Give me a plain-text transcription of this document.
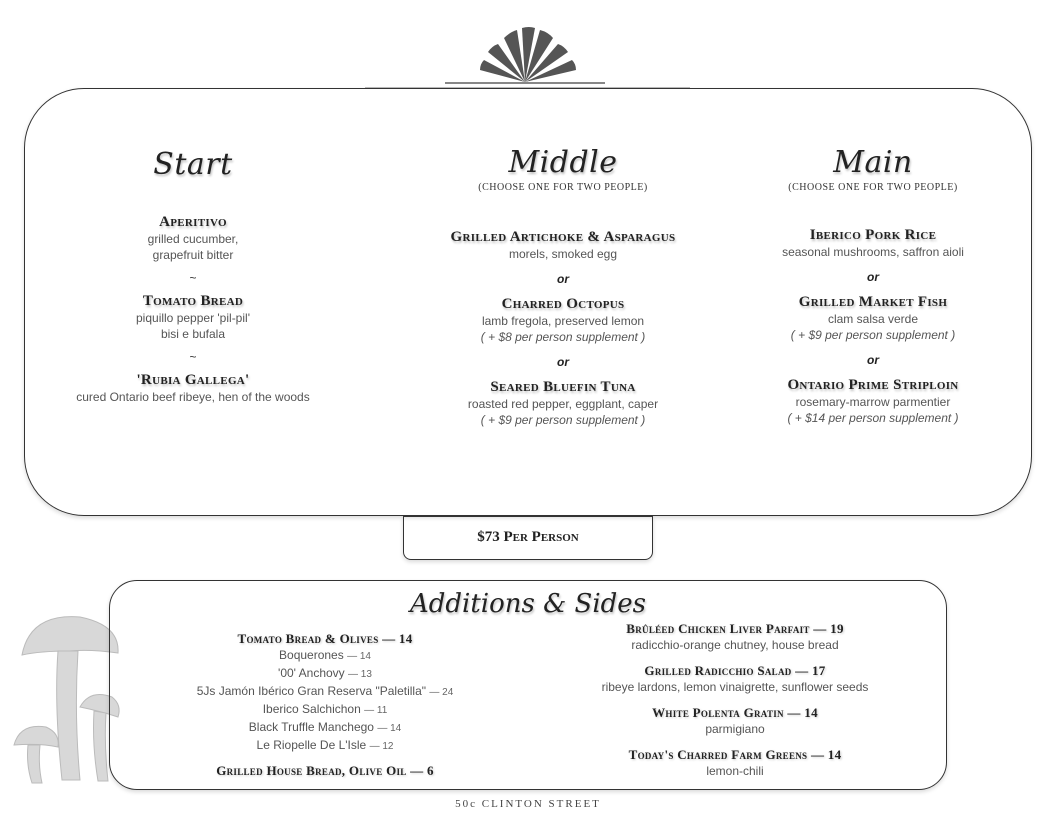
Start
Aperitivo
grilled cucumber,
grapefruit bitter
~
Tomato Bread
piquillo pepper 'pil-pil'
bisi e bufala
~
'Rubia Gallega'
cured Ontario beef ribeye, hen of the woods
Middle
(CHOOSE ONE FOR TWO PEOPLE)
Grilled Artichoke & Asparagus
morels, smoked egg
or
Charred Octopus
lamb fregola, preserved lemon
( + $8 per person supplement )
or
Seared Bluefin Tuna
roasted red pepper, eggplant, caper
( + $9 per person supplement )
Main
(CHOOSE ONE FOR TWO PEOPLE)
Iberico Pork Rice
seasonal mushrooms, saffron aioli
or
Grilled Market Fish
clam salsa verde
( + $9 per person supplement )
or
Ontario Prime Striploin
rosemary-marrow parmentier
( + $14 per person supplement )
$73 Per Person
Additions & Sides
Tomato Bread & Olives — 14
Boquerones — 14
'00' Anchovy — 13
5Js Jamón Ibérico Gran Reserva "Paletilla" — 24
Iberico Salchichon — 11
Black Truffle Manchego — 14
Le Riopelle De L'Isle — 12
Grilled House Bread, Olive Oil — 6
Brûléed Chicken Liver Parfait — 19
radicchio-orange chutney, house bread
Grilled Radicchio Salad — 17
ribeye lardons, lemon vinaigrette, sunflower seeds
White Polenta Gratin — 14
parmigiano
Today's Charred Farm Greens — 14
lemon-chili
50c CLINTON STREET
